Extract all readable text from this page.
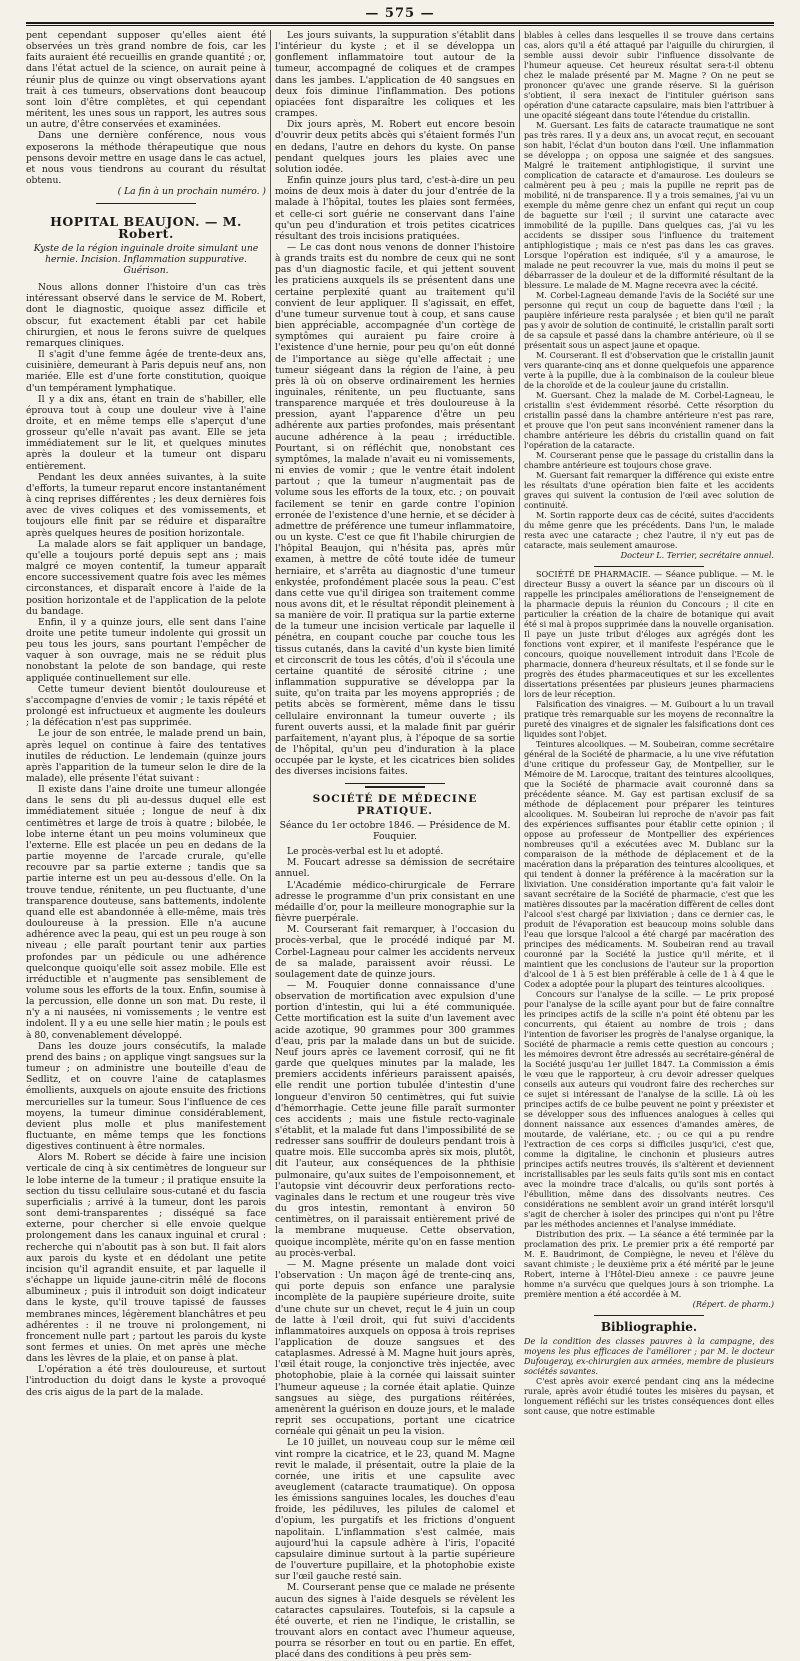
— 575 —

pent cependant supposer qu'elles aient été observées un très grand nombre de fois, car les faits auraient été recueillis en grande quantité ; or, dans l'état actuel de la science, on aurait peine à réunir plus de quinze ou vingt observations ayant trait à ces tumeurs, observations dont beaucoup sont loin d'être complètes, et qui cependant méritent, les unes sous un rapport, les autres sous un autre, d'être conservées et examinées.

Dans une dernière conférence, nous vous exposerons la méthode thérapeutique que nous pensons devoir mettre en usage dans le cas actuel, et nous vous tiendrons au courant du résultat obtenu.

( La fin à un prochain numéro. )

HOPITAL BEAUJON. — M. Robert.
Kyste de la région inguinale droite simulant une hernie. Incision. Inflammation suppurative. Guérison.

Nous allons donner l'histoire d'un cas très intéressant observé dans le service de M. Robert, dont le diagnostic, quoique assez difficile et obscur, fut exactement établi par cet habile chirurgien, et nous le ferons suivre de quelques remarques cliniques.

Il s'agit d'une femme âgée de trente-deux ans, cuisinière, demeurant à Paris depuis neuf ans, non mariée. Elle est d'une forte constitution, quoique d'un tempérament lymphatique.

Il y a dix ans, étant en train de s'habiller, elle éprouva tout à coup une douleur vive à l'aine droite, et en même temps elle s'aperçut d'une grosseur qu'elle n'avait pas avant. Elle se jeta immédiatement sur le lit, et quelques minutes après la douleur et la tumeur ont disparu entièrement.

Pendant les deux années suivantes, à la suite d'efforts, la tumeur reparut encore instantanément à cinq reprises différentes ; les deux dernières fois avec de vives coliques et des vomissements, et toujours elle finit par se réduire et disparaître après quelques heures de position horizontale.

La malade alors se fait appliquer un bandage, qu'elle a toujours porté depuis sept ans ; mais malgré ce moyen contentif, la tumeur apparaît encore successivement quatre fois avec les mêmes circonstances, et disparaît encore à l'aide de la position horizontale et de l'application de la pelote du bandage.

Enfin, il y a quinze jours, elle sent dans l'aine droite une petite tumeur indolente qui grossit un peu tous les jours, sans pourtant l'empêcher de vaquer à son ouvrage, mais ne se réduit plus nonobstant la pelote de son bandage, qui reste appliquée continuellement sur elle.

Cette tumeur devient bientôt douloureuse et s'accompagne d'envies de vomir ; le taxis répété et prolongé est infructueux et augmente les douleurs ; la défécation n'est pas supprimée.

Le jour de son entrée, le malade prend un bain, après lequel on continue à faire des tentatives inutiles de réduction. Le lendemain (quinze jours après l'apparition de la tumeur selon le dire de la malade), elle présente l'état suivant :

Il existe dans l'aine droite une tumeur allongée dans le sens du pli au-dessus duquel elle est immédiatement située ; longue de neuf à dix centimètres et large de trois à quatre ; bilobée, le lobe interne étant un peu moins volumineux que l'externe. Elle est placée un peu en dedans de la partie moyenne de l'arcade crurale, qu'elle recouvre par sa partie externe ; tandis que sa partie interne est un peu au-dessous d'elle. On la trouve tendue, rénitente, un peu fluctuante, d'une transparence douteuse, sans battements, indolente quand elle est abandonnée à elle-même, mais très douloureuse à la pression. Elle n'a aucune adhérence avec la peau, qui est un peu rouge à son niveau ; elle paraît pourtant tenir aux parties profondes par un pédicule ou une adhérence quelconque quoiqu'elle soit assez mobile. Elle est irréductible et n'augmente pas sensiblement de volume sous les efforts de la toux. Enfin, soumise à la percussion, elle donne un son mat. Du reste, il n'y a ni nausées, ni vomissements ; le ventre est indolent. Il y a eu une selle hier matin ; le pouls est à 80, convenablement développé.

Dans les douze jours consécutifs, la malade prend des bains ; on applique vingt sangsues sur la tumeur ; on administre une bouteille d'eau de Sedlitz, et on couvre l'aine de cataplasmes émollients, auxquels on ajoute ensuite des frictions mercurielles sur la tumeur. Sous l'influence de ces moyens, la tumeur diminue considérablement, devient plus molle et plus manifestement fluctuante, en même temps que les fonctions digestives continuent à être normales.

Alors M. Robert se décide à faire une incision verticale de cinq à six centimètres de longueur sur le lobe interne de la tumeur ; il pratique ensuite la section du tissu cellulaire sous-cutané et du fascia superficialis ; arrivé à la tumeur, dont les parois sont demi-transparentes ; disséqué sa face externe, pour chercher si elle envoie quelque prolongement dans les canaux inguinal et crural : recherche qui n'aboutit pas à son but. Il fait alors aux parois du kyste et en dédolant une petite incision qu'il agrandit ensuite, et par laquelle il s'échappe un liquide jaune-citrin mêlé de flocons albumineux ; puis il introduit son doigt indicateur dans le kyste, qu'il trouve tapissé de fausses membranes minces, légèrement blanchâtres et peu adhérentes : il ne trouve ni prolongement, ni froncement nulle part ; partout les parois du kyste sont fermes et unies. On met après une mèche dans les lèvres de la plaie, et on panse à plat.

L'opération a été très douloureuse, et surtout l'introduction du doigt dans le kyste a provoqué des cris aigus de la part de la malade.

Les jours suivants, la suppuration s'établit dans l'intérieur du kyste ; et il se développa un gonflement inflammatoire tout autour de la tumeur, accompagné de coliques et de crampes dans les jambes. L'application de 40 sangsues en deux fois diminue l'inflammation. Des potions opiacées font disparaître les coliques et les crampes.

Dix jours après, M. Robert eut encore besoin d'ouvrir deux petits abcès qui s'étaient formés l'un en dedans, l'autre en dehors du kyste. On panse pendant quelques jours les plaies avec une solution iodée.

Enfin quinze jours plus tard, c'est-à-dire un peu moins de deux mois à dater du jour d'entrée de la malade à l'hôpital, toutes les plaies sont fermées, et celle-ci sort guérie ne conservant dans l'aine qu'un peu d'induration et trois petites cicatrices résultant des trois incisions pratiquées.

— Le cas dont nous venons de donner l'histoire à grands traits est du nombre de ceux qui ne sont pas d'un diagnostic facile, et qui jettent souvent les praticiens auxquels ils se présentent dans une certaine perplexité quant au traitement qu'il convient de leur appliquer. Il s'agissait, en effet, d'une tumeur survenue tout à coup, et sans cause bien appréciable, accompagnée d'un cortège de symptômes qui auraient pu faire croire à l'existence d'une hernie, pour peu qu'on eût donné de l'importance au siège qu'elle affectait ; une tumeur siégeant dans la région de l'aine, à peu près là où on observe ordinairement les hernies inguinales, rénitente, un peu fluctuante, sans transparence marquée et très douloureuse à la pression, ayant l'apparence d'être un peu adhérente aux parties profondes, mais présentant aucune adhérence à la peau ; irréductible. Pourtant, si on réfléchit que, nonobstant ces symptômes, la malade n'avait eu ni vomissements, ni envies de vomir ; que le ventre était indolent partout ; que la tumeur n'augmentait pas de volume sous les efforts de la toux, etc. ; on pouvait facilement se tenir en garde contre l'opinion erronée de l'existence d'une hernie, et se décider à admettre de préférence une tumeur inflammatoire, ou un kyste. C'est ce que fit l'habile chirurgien de l'hôpital Beaujon, qui n'hésita pas, après mûr examen, à mettre de côté toute idée de tumeur herniaire, et s'arrêta au diagnostic d'une tumeur enkystée, profondément placée sous la peau. C'est dans cette vue qu'il dirigea son traitement comme nous avons dit, et le résultat répondit pleinement à sa manière de voir. Il pratiqua sur la partie externe de la tumeur une incision verticale par laquelle il pénétra, en coupant couche par couche tous les tissus cutanés, dans la cavité d'un kyste bien limité et circonscrit de tous les côtés, d'où il s'écoula une certaine quantité de sérosité citrine ; une inflammation suppurative se développa par la suite, qu'on traita par les moyens appropriés ; de petits abcès se formèrent, même dans le tissu cellulaire environnant la tumeur ouverte ; ils furent ouverts aussi, et la malade finit par guérir parfaitement, n'ayant plus, à l'époque de sa sortie de l'hôpital, qu'un peu d'induration à la place occupée par le kyste, et les cicatrices bien solides des diverses incisions faites.

SOCIÉTÉ DE MÉDECINE PRATIQUE.
Séance du 1er octobre 1846. — Présidence de M. Fouquier.

Le procès-verbal est lu et adopté.

M. Foucart adresse sa démission de secrétaire annuel.

L'Académie médico-chirurgicale de Ferrare adresse le programme d'un prix consistant en une médaille d'or, pour la meilleure monographie sur la fièvre puerpérale.

M. Courserant fait remarquer, à l'occasion du procès-verbal, que le procédé indiqué par M. Corbel-Lagneau pour calmer les accidents nerveux de sa malade, paraissent avoir réussi. Le soulagement date de quinze jours.

— M. Fouquier donne connaissance d'une observation de mortification avec expulsion d'une portion d'intestin, qui lui a été communiquée. Cette mortification est la suite d'un lavement avec acide azotique, 90 grammes pour 300 grammes d'eau, pris par la malade dans un but de suicide. Neuf jours après ce lavement corrosif, qui ne fit garde que quelques minutes par la malade, les premiers accidents inférieurs paraissent apaisés, elle rendit une portion tubulée d'intestin d'une longueur d'environ 50 centimètres, qui fut suivie d'hémorrhagie. Cette jeune fille paraît surmonter ces accidents ; mais une fistule recto-vaginale s'établit, et la malade fut dans l'impossibilité de se redresser sans souffrir de douleurs pendant trois à quatre mois. Elle succomba après six mois, plutôt, dit l'auteur, aux conséquences de la phthisie pulmonaire, qu'aux suites de l'empoisonnement, et l'autopsie vint découvrir deux perforations recto-vaginales dans le rectum et une rougeur très vive du gros intestin, remontant à environ 50 centimètres, on il paraissait entièrement privé de la membrane muqueuse. Cette observation, quoique incomplète, mérite qu'on en fasse mention au procès-verbal.

— M. Magne présente un malade dont voici l'observation : Un maçon âgé de trente-cinq ans, qui porte depuis son enfance une paralysie incomplète de la paupière supérieure droite, suite d'une chute sur un chevet, reçut le 4 juin un coup de latte à l'œil droit, qui fut suivi d'accidents inflammatoires auxquels on opposa à trois reprises l'application de douze sangsues et des cataplasmes. Adressé à M. Magne huit jours après, l'œil était rouge, la conjonctive très injectée, avec photophobie, plaie à la cornée qui laissait suinter l'humeur aqueuse ; la cornée était aplatie. Quinze sangsues au siège, des purgations réitérées, amenèrent la guérison en douze jours, et le malade reprit ses occupations, portant une cicatrice cornéale qui gênait un peu la vision.

Le 10 juillet, un nouveau coup sur le même œil vint rompre la cicatrice, et le 23, quand M. Magne revit le malade, il présentait, outre la plaie de la cornée, une iritis et une capsulite avec aveuglement (cataracte traumatique). On opposa les émissions sanguines locales, les douches d'eau froide, les pédiluves, les pilules de calomel et d'opium, les purgatifs et les frictions d'onguent napolitain. L'inflammation s'est calmée, mais aujourd'hui la capsule adhère à l'iris, l'opacité capsulaire diminue surtout à la partie supérieure de l'ouverture pupillaire, et la photophobie existe sur l'œil gauche resté sain.

M. Courserant pense que ce malade ne présente aucun des signes à l'aide desquels se révèlent les cataractes capsulaires. Toutefois, si la capsule a été ouverte, et rien ne l'indique, le cristallin, se trouvant alors en contact avec l'humeur aqueuse, pourra se résorber en tout ou en partie. En effet, placé dans des conditions à peu près sem-

blables à celles dans lesquelles il se trouve dans certains cas, alors qu'il a été attaqué par l'aiguille du chirurgien, il semble aussi devoir subir l'influence dissolvante de l'humeur aqueuse. Cet heureux résultat sera-t-il obtenu chez le malade présenté par M. Magne ? On ne peut se prononcer qu'avec une grande réserve. Si la guérison s'obtient, il sera inexact de l'intituler guérison sans opération d'une cataracte capsulaire, mais bien l'attribuer à une opacité siégeant dans toute l'étendue du cristallin.

M. Guersant. Les faits de cataracte traumatique ne sont pas très rares. Il y a deux ans, un avocat reçut, en secouant son habit, l'éclat d'un bouton dans l'œil. Une inflammation se développa ; on opposa une saignée et des sangsues. Malgré le traitement antiphlogistique, il survint une complication de cataracte et d'amaurose. Les douleurs se calmèrent peu à peu ; mais la pupille ne reprit pas de mobilité, ni de transparence. Il y a trois semaines, j'ai vu un exemple du même genre chez un enfant qui reçut un coup de baguette sur l'œil ; il survint une cataracte avec immobilité de la pupille. Dans quelques cas, j'ai vu les accidents se dissiper sous l'influence du traitement antiphlogistique ; mais ce n'est pas dans les cas graves. Lorsque l'opération est indiquée, s'il y a amaurose, le malade ne peut recouvrer la vue, mais du moins il peut se débarrasser de la douleur et de la difformité résultant de la blessure. Le malade de M. Magne recevra avec la cécité.

M. Corbel-Lagneau demande l'avis de la Société sur une personne qui reçut un coup de baguette dans l'œil ; la paupière inférieure resta paralysée ; et bien qu'il ne paraît pas y avoir de solution de continuité, le cristallin paraît sorti de sa capsule et passé dans la chambre antérieure, où il se présentait sous un aspect jaune et opaque.

M. Courserant. Il est d'observation que le cristallin jaunit vers quarante-cinq ans et donne quelquefois une apparence verte à la pupille, due à la combinaison de la couleur bleue de la choroïde et de la couleur jaune du cristallin.

M. Guersant. Chez la malade de M. Corbel-Lagneau, le cristallin s'est évidemment résorbé. Cette résorption du cristallin passé dans la chambre antérieure n'est pas rare, et prouve que l'on peut sans inconvénient ramener dans la chambre antérieure les débris du cristallin quand on fait l'opération de la cataracte.

M. Courserant pense que le passage du cristallin dans la chambre antérieure est toujours chose grave.

M. Guersant fait remarquer la différence qui existe entre les résultats d'une opération bien faite et les accidents graves qui suivent la contusion de l'œil avec solution de continuité.

M. Sortin rapporte deux cas de cécité, suites d'accidents du même genre que les précédents. Dans l'un, le malade resta avec une cataracte ; chez l'autre, il n'y eut pas de cataracte, mais seulement amaurose.

Docteur L. Terrier, secrétaire annuel.

SOCIÉTÉ DE PHARMACIE. — Séance publique. — M. le directeur Bussy a ouvert la séance par un discours où il rappelle les principales améliorations de l'enseignement de la pharmacie depuis la réunion du Concours ; il cite en particulier la création de la chaire de botanique qui avait été si mal à propos supprimée dans la nouvelle organisation. Il paye un juste tribut d'éloges aux agrégés dont les fonctions vont expirer, et il manifeste l'espérance que le concours, quoique nouvellement introduit dans l'Ecole de pharmacie, donnera d'heureux résultats, et il se fonde sur le progrès des études pharmaceutiques et sur les excellentes dissertations présentées par plusieurs jeunes pharmaciens lors de leur réception.

Falsification des vinaigres. — M. Guibourt a lu un travail pratique très remarquable sur les moyens de reconnaître la pureté des vinaigres et de signaler les falsifications dont ces liquides sont l'objet.

Teintures alcooliques. — M. Soubeiran, comme secrétaire général de la Société de pharmacie, a lu une vive réfutation d'une critique du professeur Gay, de Montpellier, sur le Mémoire de M. Larocque, traitant des teintures alcooliques, que la Société de pharmacie avait couronné dans sa précédente séance. M. Gay est partisan exclusif de sa méthode de déplacement pour préparer les teintures alcooliques. M. Soubeiran lui reproche de n'avoir pas fait des expériences suffisantes pour établir cette opinion ; il oppose au professeur de Montpellier des expériences nombreuses qu'il a exécutées avec M. Dublanc sur la comparaison de la méthode de déplacement et de la macération dans la préparation des teintures alcooliques, et qui tendent à donner la préférence à la macération sur la lixiviation. Une considération importante qu'a fait valoir le savant secrétaire de la Société de pharmacie, c'est que les matières dissoutes par la macération diffèrent de celles dont l'alcool s'est chargé par lixiviation ; dans ce dernier cas, le produit de l'évaporation est beaucoup moins soluble dans l'eau que lorsque l'alcool a été chargé par macération des principes des médicaments. M. Soubeiran rend au travail couronné par la Société la justice qu'il mérite, et il maintient que les conclusions de l'auteur sur la proportion d'alcool de 1 à 5 est bien préférable à celle de 1 à 4 que le Codex a adoptée pour la plupart des teintures alcooliques.

Concours sur l'analyse de la scille. — Le prix proposé pour l'analyse de la scille ayant pour but de faire connaître les principes actifs de la scille n'a point été obtenu par les concurrents, qui étaient au nombre de trois ; dans l'intention de favoriser les progrès de l'analyse organique, la Société de pharmacie a remis cette question au concours ; les mémoires devront être adressés au secrétaire-général de la Société jusqu'au 1er juillet 1847. La Commission a émis le vœu que le rapporteur, à cru devoir adresser quelques conseils aux auteurs qui voudront faire des recherches sur ce sujet si intéressant de l'analyse de la scille. Là où les principes actifs de ce bulbe peuvent ne point y préexister et se développer sous des influences analogues à celles qui donnent naissance aux essences d'amandes amères, de moutarde, de valériane, etc. ; ou ce qui a pu rendre l'extraction de ces corps si difficiles jusqu'ici, c'est que, comme la digitaline, le cinchonin et plusieurs autres principes actifs neutres trouvés, ils s'altèrent et deviennent incristallisables par les seuls faits qu'ils sont mis en contact avec la moindre trace d'alcalis, ou qu'ils sont portés à l'ébullition, même dans des dissolvants neutres. Ces considérations ne semblent avoir un grand intérêt lorsqu'il s'agit de chercher à isoler des principes qui n'ont pu l'être par les méthodes anciennes et l'analyse immédiate.

Distribution des prix. — La séance a été terminée par la proclamation des prix. Le premier prix a été remporté par M. E. Baudrimont, de Compiègne, le neveu et l'élève du savant chimiste ; le deuxième prix a été mérité par le jeune Robert, interne à l'Hôtel-Dieu annexe : ce pauvre jeune homme n'a survécu que quelques jours à son triomphe. La première mention a été accordée à M.

(Répert. de pharm.)

Bibliographie.

De la condition des classes pauvres à la campagne, des moyens les plus efficaces de l'améliorer ; par M. le docteur Dufougeray, ex-chirurgien aux armées, membre de plusieurs sociétés savantes.

C'est après avoir exercé pendant cinq ans la médecine rurale, après avoir étudié toutes les misères du paysan, et longuement réfléchi sur les tristes conséquences dont elles sont cause, que notre estimable
